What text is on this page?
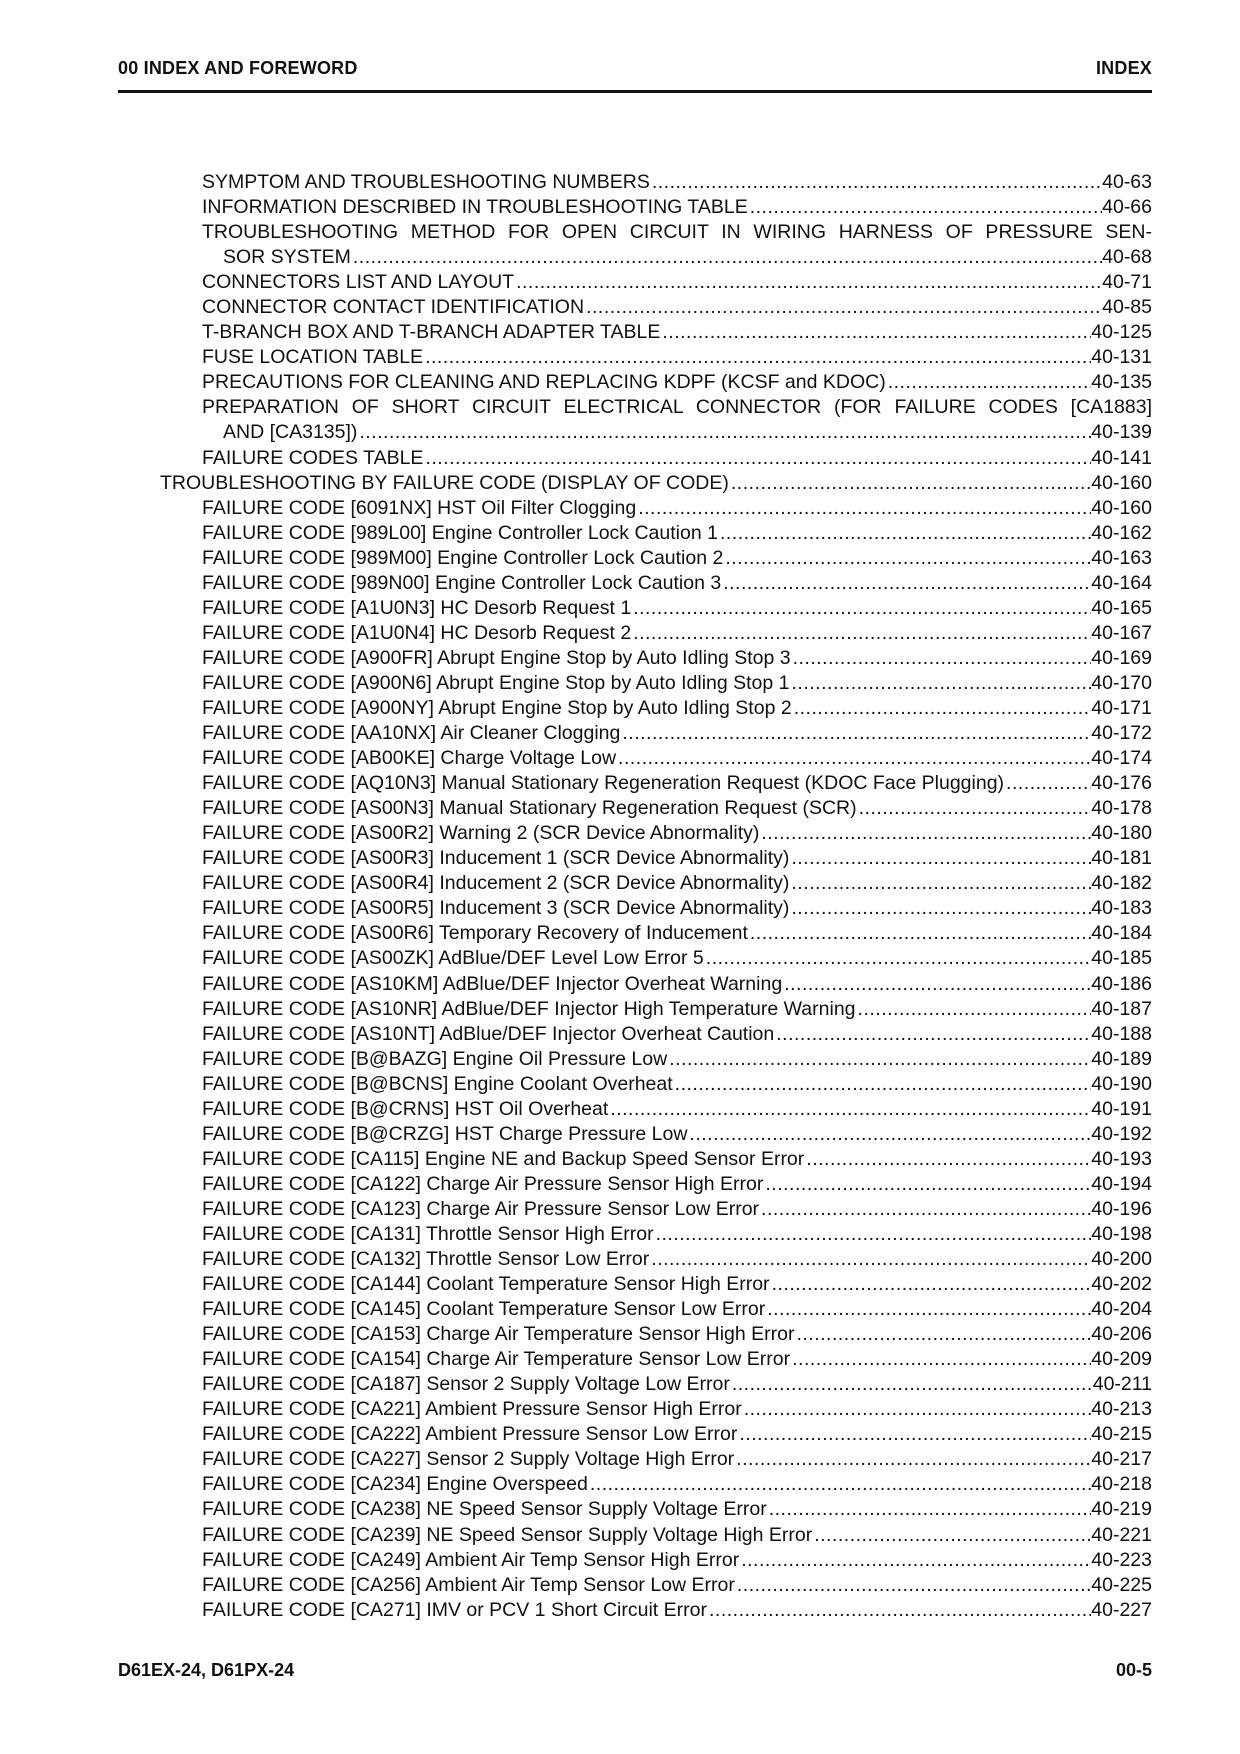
00 INDEX AND FOREWORD	INDEX
SYMPTOM AND TROUBLESHOOTING NUMBERS .....	40-63
INFORMATION DESCRIBED IN TROUBLESHOOTING TABLE .....	40-66
TROUBLESHOOTING METHOD FOR OPEN CIRCUIT IN WIRING HARNESS OF PRESSURE SEN-
SOR SYSTEM .....	40-68
CONNECTORS LIST AND LAYOUT .....	40-71
CONNECTOR CONTACT IDENTIFICATION .....	40-85
T-BRANCH BOX AND T-BRANCH ADAPTER TABLE .....	40-125
FUSE LOCATION TABLE .....	40-131
PRECAUTIONS FOR CLEANING AND REPLACING KDPF (KCSF and KDOC) .....	40-135
PREPARATION OF SHORT CIRCUIT ELECTRICAL CONNECTOR (FOR FAILURE CODES [CA1883]
AND [CA3135]) .....	40-139
FAILURE CODES TABLE .....	40-141
TROUBLESHOOTING BY FAILURE CODE (DISPLAY OF CODE) .....	40-160
FAILURE CODE [6091NX] HST Oil Filter Clogging .....	40-160
FAILURE CODE [989L00] Engine Controller Lock Caution 1 .....	40-162
FAILURE CODE [989M00] Engine Controller Lock Caution 2 .....	40-163
FAILURE CODE [989N00] Engine Controller Lock Caution 3 .....	40-164
FAILURE CODE [A1U0N3] HC Desorb Request 1 .....	40-165
FAILURE CODE [A1U0N4] HC Desorb Request 2 .....	40-167
FAILURE CODE [A900FR] Abrupt Engine Stop by Auto Idling Stop 3 .....	40-169
FAILURE CODE [A900N6] Abrupt Engine Stop by Auto Idling Stop 1 .....	40-170
FAILURE CODE [A900NY] Abrupt Engine Stop by Auto Idling Stop 2 .....	40-171
FAILURE CODE [AA10NX] Air Cleaner Clogging .....	40-172
FAILURE CODE [AB00KE] Charge Voltage Low .....	40-174
FAILURE CODE [AQ10N3] Manual Stationary Regeneration Request (KDOC Face Plugging) .....	40-176
FAILURE CODE [AS00N3] Manual Stationary Regeneration Request (SCR) .....	40-178
FAILURE CODE [AS00R2] Warning 2 (SCR Device Abnormality) .....	40-180
FAILURE CODE [AS00R3] Inducement 1 (SCR Device Abnormality) .....	40-181
FAILURE CODE [AS00R4] Inducement 2 (SCR Device Abnormality) .....	40-182
FAILURE CODE [AS00R5] Inducement 3 (SCR Device Abnormality) .....	40-183
FAILURE CODE [AS00R6] Temporary Recovery of Inducement .....	40-184
FAILURE CODE [AS00ZK] AdBlue/DEF Level Low Error 5 .....	40-185
FAILURE CODE [AS10KM] AdBlue/DEF Injector Overheat Warning .....	40-186
FAILURE CODE [AS10NR] AdBlue/DEF Injector High Temperature Warning .....	40-187
FAILURE CODE [AS10NT] AdBlue/DEF Injector Overheat Caution .....	40-188
FAILURE CODE [B@BAZG] Engine Oil Pressure Low .....	40-189
FAILURE CODE [B@BCNS] Engine Coolant Overheat .....	40-190
FAILURE CODE [B@CRNS] HST Oil Overheat .....	40-191
FAILURE CODE [B@CRZG] HST Charge Pressure Low .....	40-192
FAILURE CODE [CA115] Engine NE and Backup Speed Sensor Error .....	40-193
FAILURE CODE [CA122] Charge Air Pressure Sensor High Error .....	40-194
FAILURE CODE [CA123] Charge Air Pressure Sensor Low Error .....	40-196
FAILURE CODE [CA131] Throttle Sensor High Error .....	40-198
FAILURE CODE [CA132] Throttle Sensor Low Error .....	40-200
FAILURE CODE [CA144] Coolant Temperature Sensor High Error .....	40-202
FAILURE CODE [CA145] Coolant Temperature Sensor Low Error .....	40-204
FAILURE CODE [CA153] Charge Air Temperature Sensor High Error .....	40-206
FAILURE CODE [CA154] Charge Air Temperature Sensor Low Error .....	40-209
FAILURE CODE [CA187] Sensor 2 Supply Voltage Low Error .....	40-211
FAILURE CODE [CA221] Ambient Pressure Sensor High Error .....	40-213
FAILURE CODE [CA222] Ambient Pressure Sensor Low Error .....	40-215
FAILURE CODE [CA227] Sensor 2 Supply Voltage High Error .....	40-217
FAILURE CODE [CA234] Engine Overspeed .....	40-218
FAILURE CODE [CA238] NE Speed Sensor Supply Voltage Error .....	40-219
FAILURE CODE [CA239] NE Speed Sensor Supply Voltage High Error .....	40-221
FAILURE CODE [CA249] Ambient Air Temp Sensor High Error .....	40-223
FAILURE CODE [CA256] Ambient Air Temp Sensor Low Error .....	40-225
FAILURE CODE [CA271] IMV or PCV 1 Short Circuit Error .....	40-227
D61EX-24, D61PX-24	00-5
